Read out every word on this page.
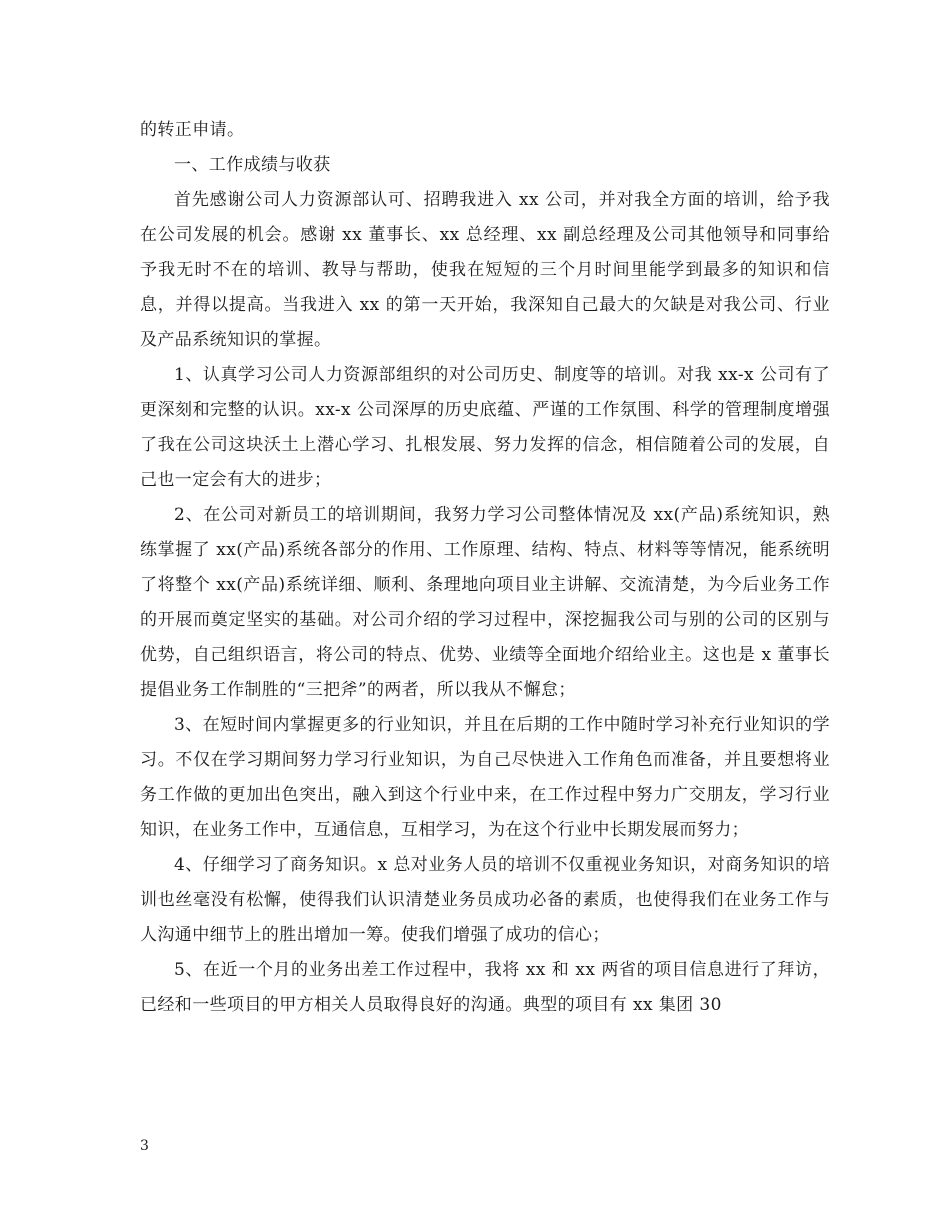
的转正申请。

一、工作成绩与收获

首先感谢公司人力资源部认可、招聘我进入 xx 公司，并对我全方面的培训，给予我在公司发展的机会。感谢 xx 董事长、xx 总经理、xx 副总经理及公司其他领导和同事给予我无时不在的培训、教导与帮助，使我在短短的三个月时间里能学到最多的知识和信息，并得以提高。当我进入 xx 的第一天开始，我深知自己最大的欠缺是对我公司、行业及产品系统知识的掌握。

1、认真学习公司人力资源部组织的对公司历史、制度等的培训。对我 xx-x 公司有了更深刻和完整的认识。xx-x 公司深厚的历史底蕴、严谨的工作氛围、科学的管理制度增强了我在公司这块沃土上潜心学习、扎根发展、努力发挥的信念，相信随着公司的发展，自己也一定会有大的进步；

2、在公司对新员工的培训期间，我努力学习公司整体情况及 xx(产品)系统知识，熟练掌握了 xx(产品)系统各部分的作用、工作原理、结构、特点、材料等等情况，能系统明了将整个 xx(产品)系统详细、顺利、条理地向项目业主讲解、交流清楚，为今后业务工作的开展而奠定坚实的基础。对公司介绍的学习过程中，深挖掘我公司与别的公司的区别与优势，自己组织语言，将公司的特点、优势、业绩等全面地介绍给业主。这也是 x 董事长提倡业务工作制胜的“三把斧”的两者，所以我从不懈怠；

3、在短时间内掌握更多的行业知识，并且在后期的工作中随时学习补充行业知识的学习。不仅在学习期间努力学习行业知识，为自己尽快进入工作角色而准备，并且要想将业务工作做的更加出色突出，融入到这个行业中来，在工作过程中努力广交朋友，学习行业知识，在业务工作中，互通信息，互相学习，为在这个行业中长期发展而努力；

4、仔细学习了商务知识。x 总对业务人员的培训不仅重视业务知识，对商务知识的培训也丝毫没有松懈，使得我们认识清楚业务员成功必备的素质，也使得我们在业务工作与人沟通中细节上的胜出增加一筹。使我们增强了成功的信心；

5、在近一个月的业务出差工作过程中，我将 xx 和 xx 两省的项目信息进行了拜访，已经和一些项目的甲方相关人员取得良好的沟通。典型的项目有 xx 集团 30

3
